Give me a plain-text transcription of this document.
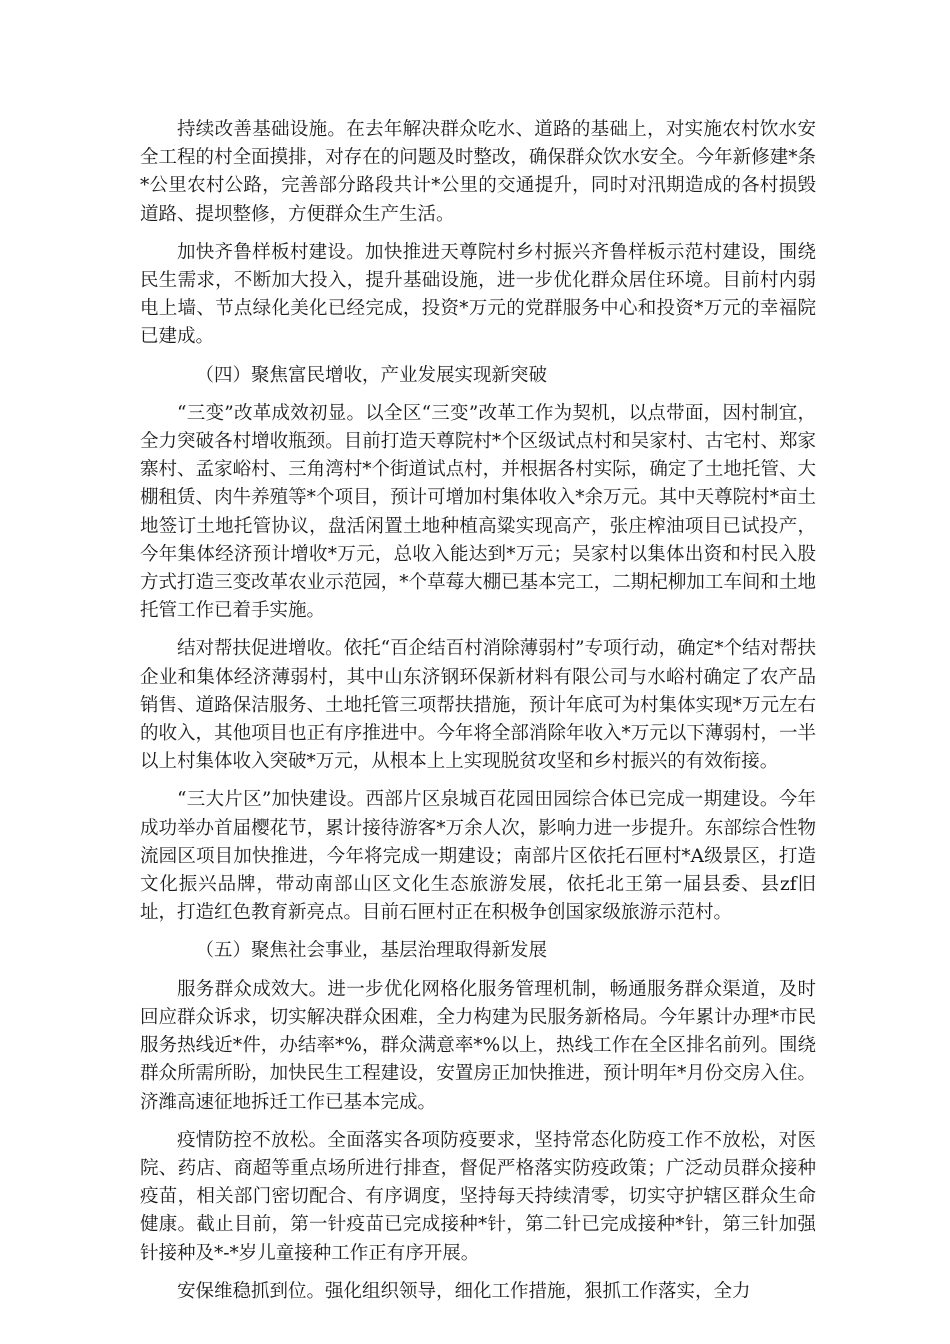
持续改善基础设施。在去年解决群众吃水、道路的基础上，对实施农村饮水安全工程的村全面摸排，对存在的问题及时整改，确保群众饮水安全。今年新修建*条*公里农村公路，完善部分路段共计*公里的交通提升，同时对汛期造成的各村损毁道路、提坝整修，方便群众生产生活。

加快齐鲁样板村建设。加快推进天尊院村乡村振兴齐鲁样板示范村建设，围绕民生需求，不断加大投入，提升基础设施，进一步优化群众居住环境。目前村内弱电上墙、节点绿化美化已经完成，投资*万元的党群服务中心和投资*万元的幸福院已建成。

（四）聚焦富民增收，产业发展实现新突破

“三变”改革成效初显。以全区“三变”改革工作为契机，以点带面，因村制宜，全力突破各村增收瓶颈。目前打造天尊院村*个区级试点村和吴家村、古宅村、郑家寨村、孟家峪村、三角湾村*个街道试点村，并根据各村实际，确定了土地托管、大棚租赁、肉牛养殖等*个项目，预计可增加村集体收入*余万元。其中天尊院村*亩土地签订土地托管协议，盘活闲置土地种植高粱实现高产，张庄榨油项目已试投产，今年集体经济预计增收*万元，总收入能达到*万元；吴家村以集体出资和村民入股方式打造三变改革农业示范园，*个草莓大棚已基本完工，二期杞柳加工车间和土地托管工作已着手实施。

结对帮扶促进增收。依托“百企结百村消除薄弱村”专项行动，确定*个结对帮扶企业和集体经济薄弱村，其中山东济钢环保新材料有限公司与水峪村确定了农产品销售、道路保洁服务、土地托管三项帮扶措施，预计年底可为村集体实现*万元左右的收入，其他项目也正有序推进中。今年将全部消除年收入*万元以下薄弱村，一半以上村集体收入突破*万元，从根本上上实现脱贫攻坚和乡村振兴的有效衔接。

“三大片区”加快建设。西部片区泉城百花园田园综合体已完成一期建设。今年成功举办首届樱花节，累计接待游客*万余人次，影响力进一步提升。东部综合性物流园区项目加快推进，今年将完成一期建设；南部片区依托石匣村*A级景区，打造文化振兴品牌，带动南部山区文化生态旅游发展，依托北王第一届县委、县zf旧址，打造红色教育新亮点。目前石匣村正在积极争创国家级旅游示范村。

（五）聚焦社会事业，基层治理取得新发展

服务群众成效大。进一步优化网格化服务管理机制，畅通服务群众渠道，及时回应群众诉求，切实解决群众困难，全力构建为民服务新格局。今年累计办理*市民服务热线近*件，办结率*%，群众满意率*%以上，热线工作在全区排名前列。围绕群众所需所盼，加快民生工程建设，安置房正加快推进，预计明年*月份交房入住。济潍高速征地拆迁工作已基本完成。

疫情防控不放松。全面落实各项防疫要求，坚持常态化防疫工作不放松，对医院、药店、商超等重点场所进行排查，督促严格落实防疫政策；广泛动员群众接种疫苗，相关部门密切配合、有序调度，坚持每天持续清零，切实守护辖区群众生命健康。截止目前，第一针疫苗已完成接种*针，第二针已完成接种*针，第三针加强针接种及*-*岁儿童接种工作正有序开展。

安保维稳抓到位。强化组织领导，细化工作措施，狠抓工作落实，全力
